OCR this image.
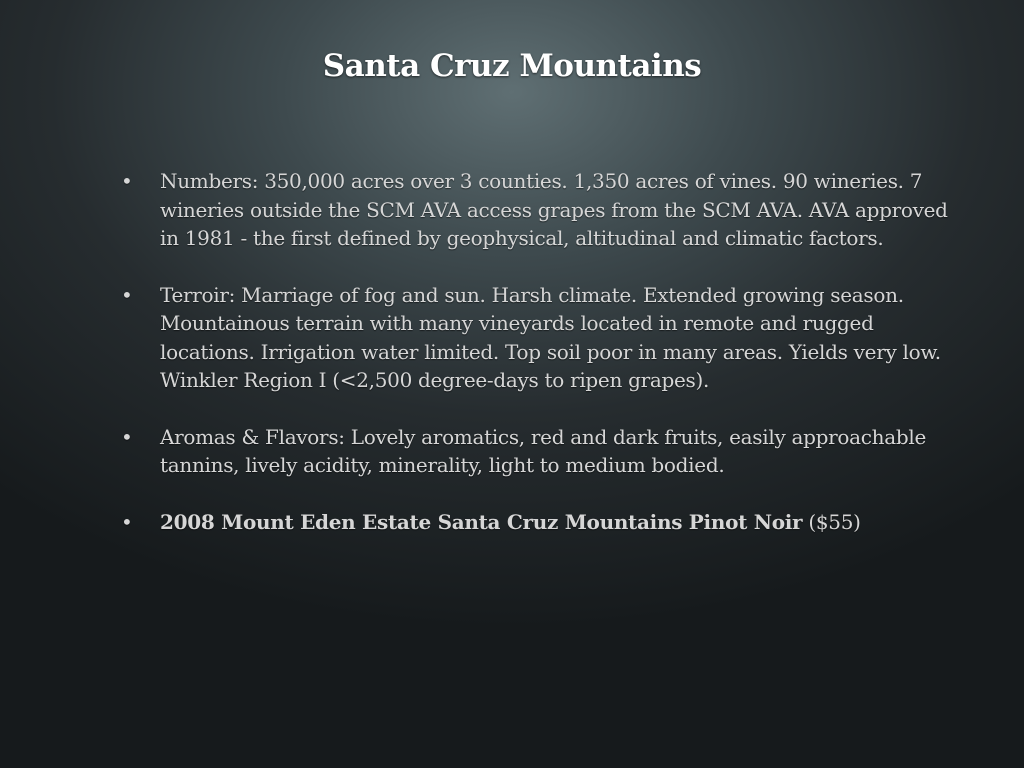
Santa Cruz Mountains
• Numbers: 350,000 acres over 3 counties. 1,350 acres of vines. 90 wineries. 7 wineries outside the SCM AVA access grapes from the SCM AVA. AVA approved in 1981 - the first defined by geophysical, altitudinal and climatic factors.
• Terroir: Marriage of fog and sun. Harsh climate. Extended growing season. Mountainous terrain with many vineyards located in remote and rugged locations. Irrigation water limited. Top soil poor in many areas. Yields very low. Winkler Region I (<2,500 degree-days to ripen grapes).
• Aromas & Flavors: Lovely aromatics, red and dark fruits, easily approachable tannins, lively acidity, minerality, light to medium bodied.
• 2008 Mount Eden Estate Santa Cruz Mountains Pinot Noir ($55)
